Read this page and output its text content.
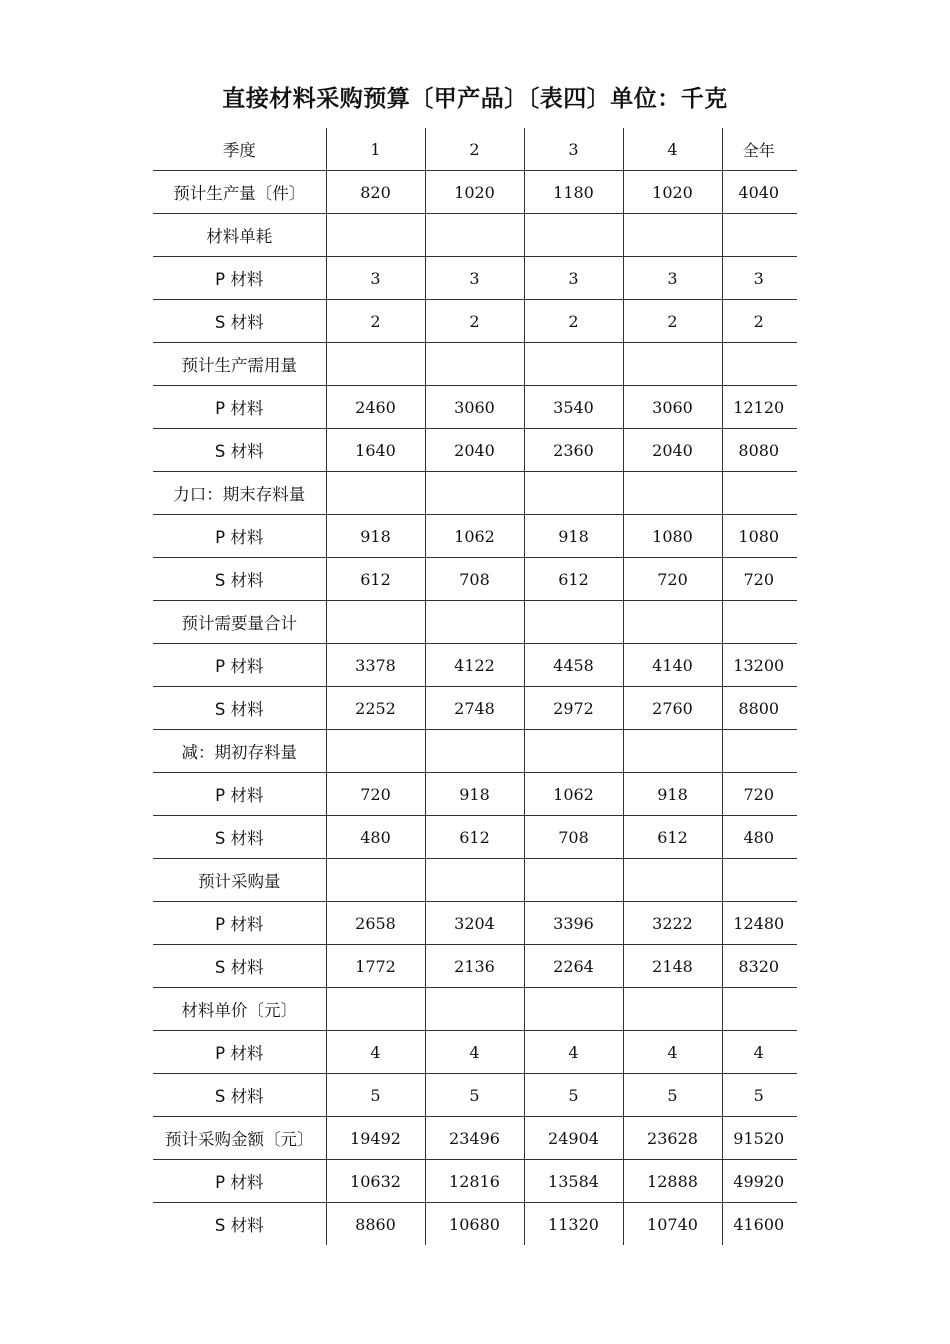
直接材料采购预算〔甲产品〕〔表四〕单位：千克
季度	1	2	3	4	全年
预计生产量〔件〕	820	1020	1180	1020	4040
材料单耗					
P 材料	3	3	3	3	3
S 材料	2	2	2	2	2
预计生产需用量					
P 材料	2460	3060	3540	3060	12120
S 材料	1640	2040	2360	2040	8080
力口：期末存料量					
P 材料	918	1062	918	1080	1080
S 材料	612	708	612	720	720
预计需要量合计					
P 材料	3378	4122	4458	4140	13200
S 材料	2252	2748	2972	2760	8800
减：期初存料量					
P 材料	720	918	1062	918	720
S 材料	480	612	708	612	480
预计采购量					
P 材料	2658	3204	3396	3222	12480
S 材料	1772	2136	2264	2148	8320
材料单价〔元〕					
P 材料	4	4	4	4	4
S 材料	5	5	5	5	5
预计采购金额〔元〕	19492	23496	24904	23628	91520
P 材料	10632	12816	13584	12888	49920
S 材料	8860	10680	11320	10740	41600
